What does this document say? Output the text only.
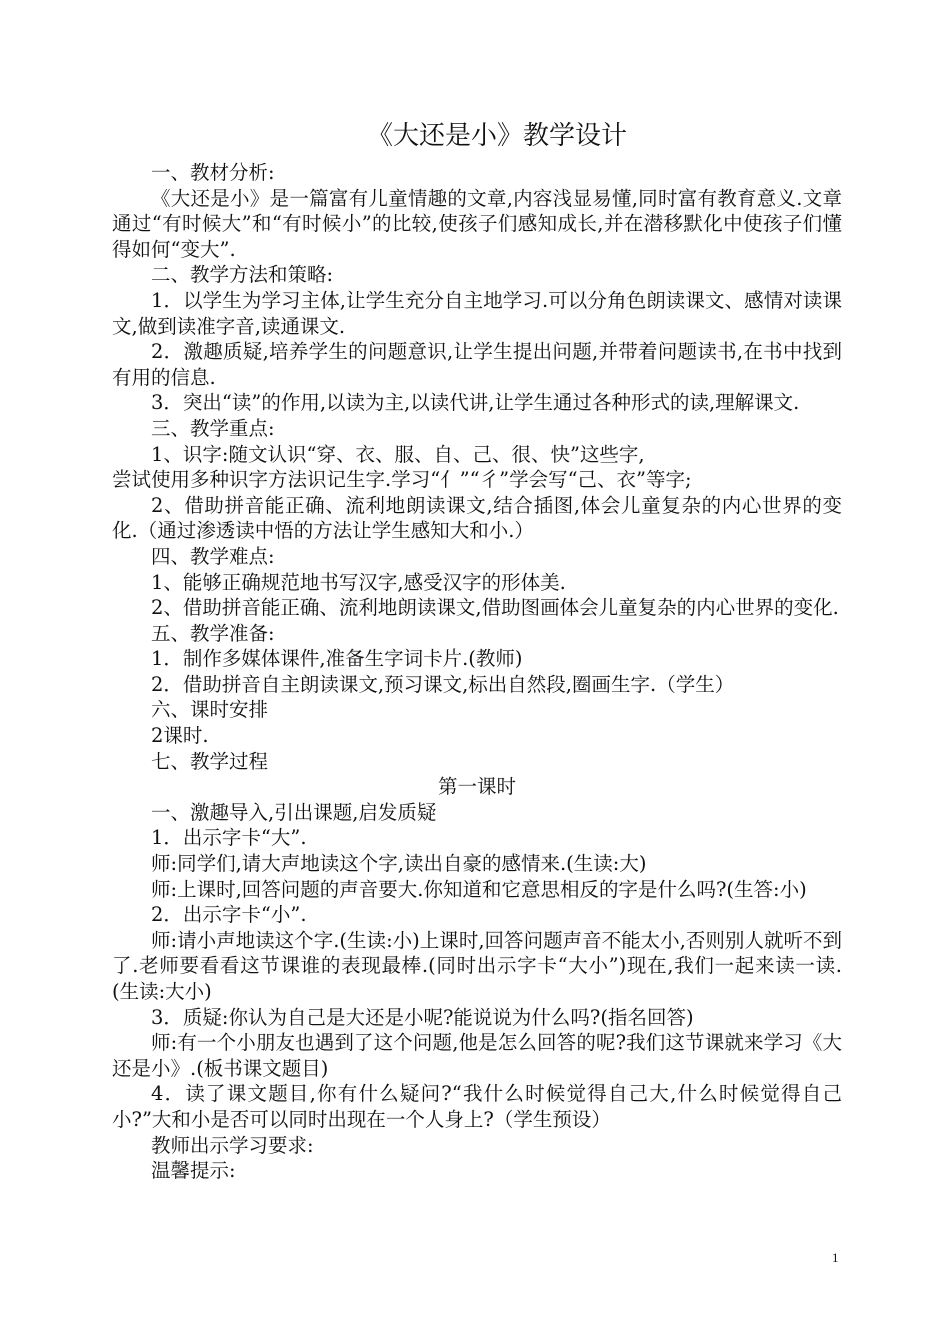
《大还是小》教学设计

一、教材分析:

《大还是小》是一篇富有儿童情趣的文章,内容浅显易懂,同时富有教育意义.文章通过“有时候大”和“有时候小”的比较,使孩子们感知成长,并在潜移默化中使孩子们懂得如何“变大”.

二、教学方法和策略:

1．以学生为学习主体,让学生充分自主地学习.可以分角色朗读课文、感情对读课文,做到读准字音,读通课文.

2．激趣质疑,培养学生的问题意识,让学生提出问题,并带着问题读书,在书中找到有用的信息.

3．突出“读”的作用,以读为主,以读代讲,让学生通过各种形式的读,理解课文.

三、教学重点:

1、识字:随文认识“穿、衣、服、自、己、很、快”这些字,

尝试使用多种识字方法识记生字.学习“亻”“彳”学会写“己、衣”等字;

2、借助拼音能正确、流利地朗读课文,结合插图,体会儿童复杂的内心世界的变化.（通过渗透读中悟的方法让学生感知大和小.）

四、教学难点:

1、能够正确规范地书写汉字,感受汉字的形体美.

2、借助拼音能正确、流利地朗读课文,借助图画体会儿童复杂的内心世界的变化.

五、教学准备:

1．制作多媒体课件,准备生字词卡片.(教师)

2．借助拼音自主朗读课文,预习课文,标出自然段,圈画生字.（学生）

六、课时安排

2课时.

七、教学过程

第一课时

一、激趣导入,引出课题,启发质疑

1．出示字卡“大”.

师:同学们,请大声地读这个字,读出自豪的感情来.(生读:大)

师:上课时,回答问题的声音要大.你知道和它意思相反的字是什么吗?(生答:小)

2．出示字卡“小”.

师:请小声地读这个字.(生读:小)上课时,回答问题声音不能太小,否则别人就听不到了.老师要看看这节课谁的表现最棒.(同时出示字卡“大小”)现在,我们一起来读一读.(生读:大小)

3．质疑:你认为自己是大还是小呢?能说说为什么吗?(指名回答)

师:有一个小朋友也遇到了这个问题,他是怎么回答的呢?我们这节课就来学习《大还是小》.(板书课文题目)

4．读了课文题目,你有什么疑问?“我什么时候觉得自己大,什么时候觉得自己小?”大和小是否可以同时出现在一个人身上?（学生预设）

教师出示学习要求:

温馨提示:

1
